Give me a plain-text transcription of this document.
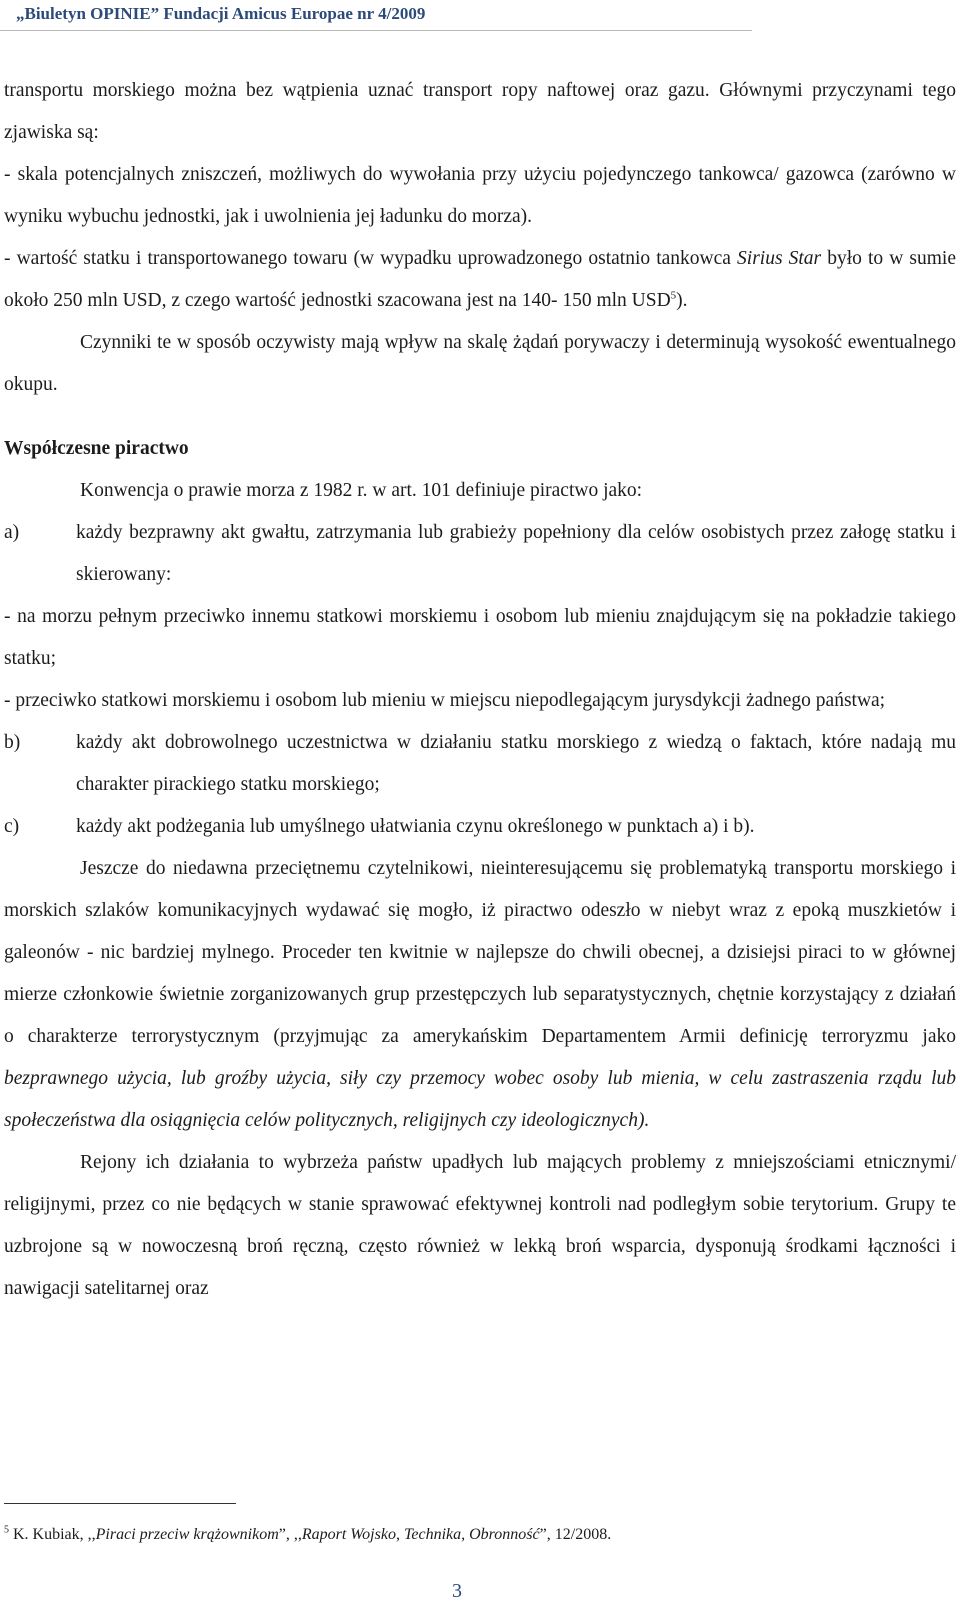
„Biuletyn OPINIE” Fundacji Amicus Europae nr 4/2009

transportu morskiego można bez wątpienia uznać transport ropy naftowej oraz gazu. Głównymi przyczynami tego zjawiska są:

- skala potencjalnych zniszczeń, możliwych do wywołania przy użyciu pojedynczego tankowca/ gazowca (zarówno w wyniku wybuchu jednostki, jak i uwolnienia jej ładunku do morza).

- wartość statku i transportowanego towaru (w wypadku uprowadzonego ostatnio tankowca Sirius Star było to w sumie około 250 mln USD, z czego wartość jednostki szacowana jest na 140- 150 mln USD$^5$).

Czynniki te w sposób oczywisty mają wpływ na skalę żądań porywaczy i determinują wysokość ewentualnego okupu.

Współczesne piractwo

Konwencja o prawie morza z 1982 r. w art. 101 definiuje piractwo jako:

a)	każdy bezprawny akt gwałtu, zatrzymania lub grabieży popełniony dla celów osobistych przez załogę statku i skierowany:

- na morzu pełnym przeciwko innemu statkowi morskiemu i osobom lub mieniu znajdującym się na pokładzie takiego statku;

- przeciwko statkowi morskiemu i osobom lub mieniu w miejscu niepodlegającym jurysdykcji żadnego państwa;

b)	każdy akt dobrowolnego uczestnictwa w działaniu statku morskiego z wiedzą o faktach, które nadają mu charakter pirackiego statku morskiego;
c)	każdy akt podżegania lub umyślnego ułatwiania czynu określonego w punktach a) i b).

Jeszcze do niedawna przeciętnemu czytelnikowi, nieinteresującemu się problematyką transportu morskiego i morskich szlaków komunikacyjnych wydawać się mogło, iż piractwo odeszło w niebyt wraz z epoką muszkietów i galeonów - nic bardziej mylnego. Proceder ten kwitnie w najlepsze do chwili obecnej, a dzisiejsi piraci to w głównej mierze członkowie świetnie zorganizowanych grup przestępczych lub separatystycznych, chętnie korzystający z działań o charakterze terrorystycznym (przyjmując za amerykańskim Departamentem Armii definicję terroryzmu jako bezprawnego użycia, lub groźby użycia, siły czy przemocy wobec osoby lub mienia, w celu zastraszenia rządu lub społeczeństwa dla osiągnięcia celów politycznych, religijnych czy ideologicznych).

Rejony ich działania to wybrzeża państw upadłych lub mających problemy z mniejszościami etnicznymi/ religijnymi, przez co nie będących w stanie sprawować efektywnej kontroli nad podległym sobie terytorium. Grupy te uzbrojone są w nowoczesną broń ręczną, często również w lekką broń wsparcia, dysponują środkami łączności i nawigacji satelitarnej oraz

$^5$ K. Kubiak, ,,Piraci przeciw krążownikom”, ,,Raport Wojsko, Technika, Obronność”, 12/2008.
3
